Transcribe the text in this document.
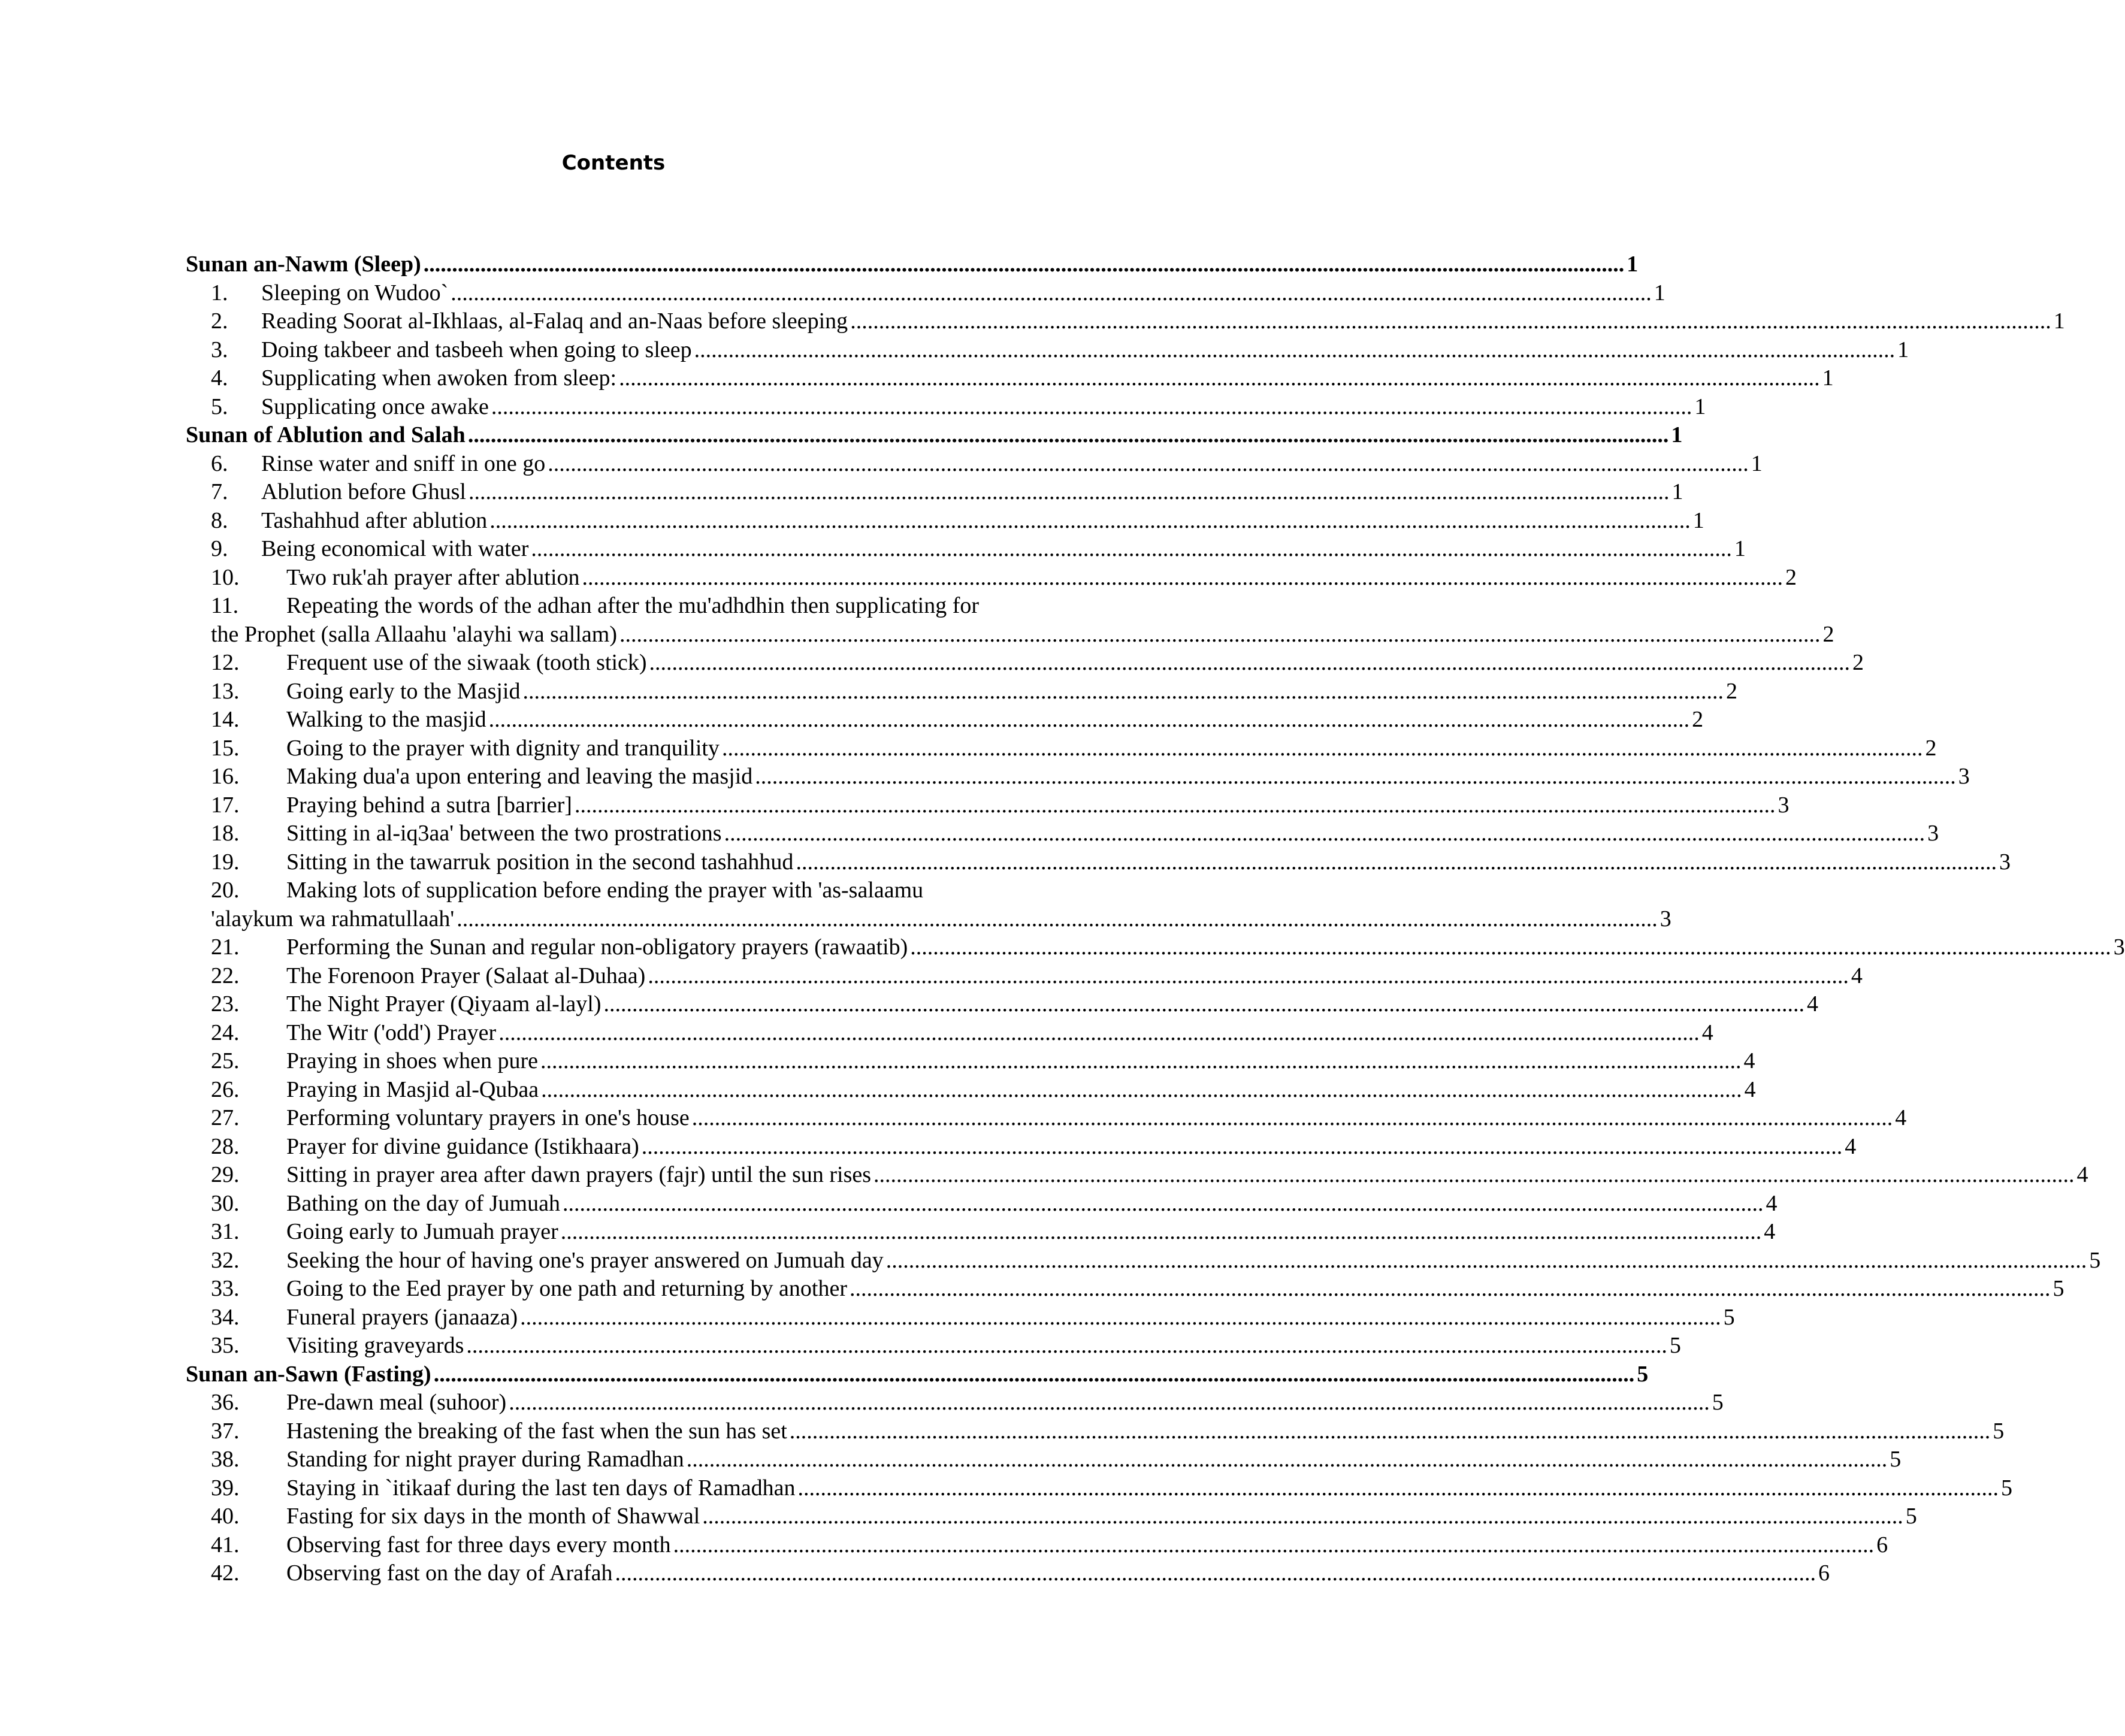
Contents
Sunan an-Nawm (Sleep) .....	1
1.	Sleeping on Wudoo` .....	1
2.	Reading Soorat al-Ikhlaas, al-Falaq and an-Naas before sleeping .....	1
3.	Doing takbeer and tasbeeh when going to sleep .....	1
4.	Supplicating when awoken from sleep: .....	1
5.	Supplicating once awake .....	1
Sunan of Ablution and Salah .....	1
6.	Rinse water and sniff in one go .....	1
7.	Ablution before Ghusl .....	1
8.	Tashahhud after ablution .....	1
9.	Being economical with water .....	1
10.	Two ruk'ah prayer after ablution .....	2
11.	Repeating the words of the adhan after the mu'adhdhin then supplicating for
the Prophet (salla Allaahu 'alayhi wa sallam) .....	2
12.	Frequent use of the siwaak (tooth stick) .....	2
13.	Going early to the Masjid .....	2
14.	Walking to the masjid .....	2
15.	Going to the prayer with dignity and tranquility .....	2
16.	Making dua'a upon entering and leaving the masjid .....	3
17.	Praying behind a sutra [barrier] .....	3
18.	Sitting in al-iq3aa' between the two prostrations .....	3
19.	Sitting in the tawarruk position in the second tashahhud .....	3
20.	Making lots of supplication before ending the prayer with 'as-salaamu
'alaykum wa rahmatullaah' .....	3
21.	Performing the Sunan and regular non-obligatory prayers (rawaatib) .....	3
22.	The Forenoon Prayer (Salaat al-Duhaa) .....	4
23.	The Night Prayer (Qiyaam al-layl) .....	4
24.	The Witr ('odd') Prayer .....	4
25.	Praying in shoes when pure .....	4
26.	Praying in Masjid al-Qubaa .....	4
27.	Performing voluntary prayers in one's house .....	4
28.	Prayer for divine guidance (Istikhaara) .....	4
29.	Sitting in prayer area after dawn prayers (fajr) until the sun rises .....	4
30.	Bathing on the day of Jumuah .....	4
31.	Going early to Jumuah prayer .....	4
32.	Seeking the hour of having one's prayer answered on Jumuah day .....	5
33.	Going to the Eed prayer by one path and returning by another .....	5
34.	Funeral prayers (janaaza) .....	5
35.	Visiting graveyards .....	5
Sunan an-Sawn (Fasting) .....	5
36.	Pre-dawn meal (suhoor) .....	5
37.	Hastening the breaking of the fast when the sun has set .....	5
38.	Standing for night prayer during Ramadhan .....	5
39.	Staying in `itikaaf during the last ten days of Ramadhan .....	5
40.	Fasting for six days in the month of Shawwal .....	5
41.	Observing fast for three days every month .....	6
42.	Observing fast on the day of Arafah .....	6
